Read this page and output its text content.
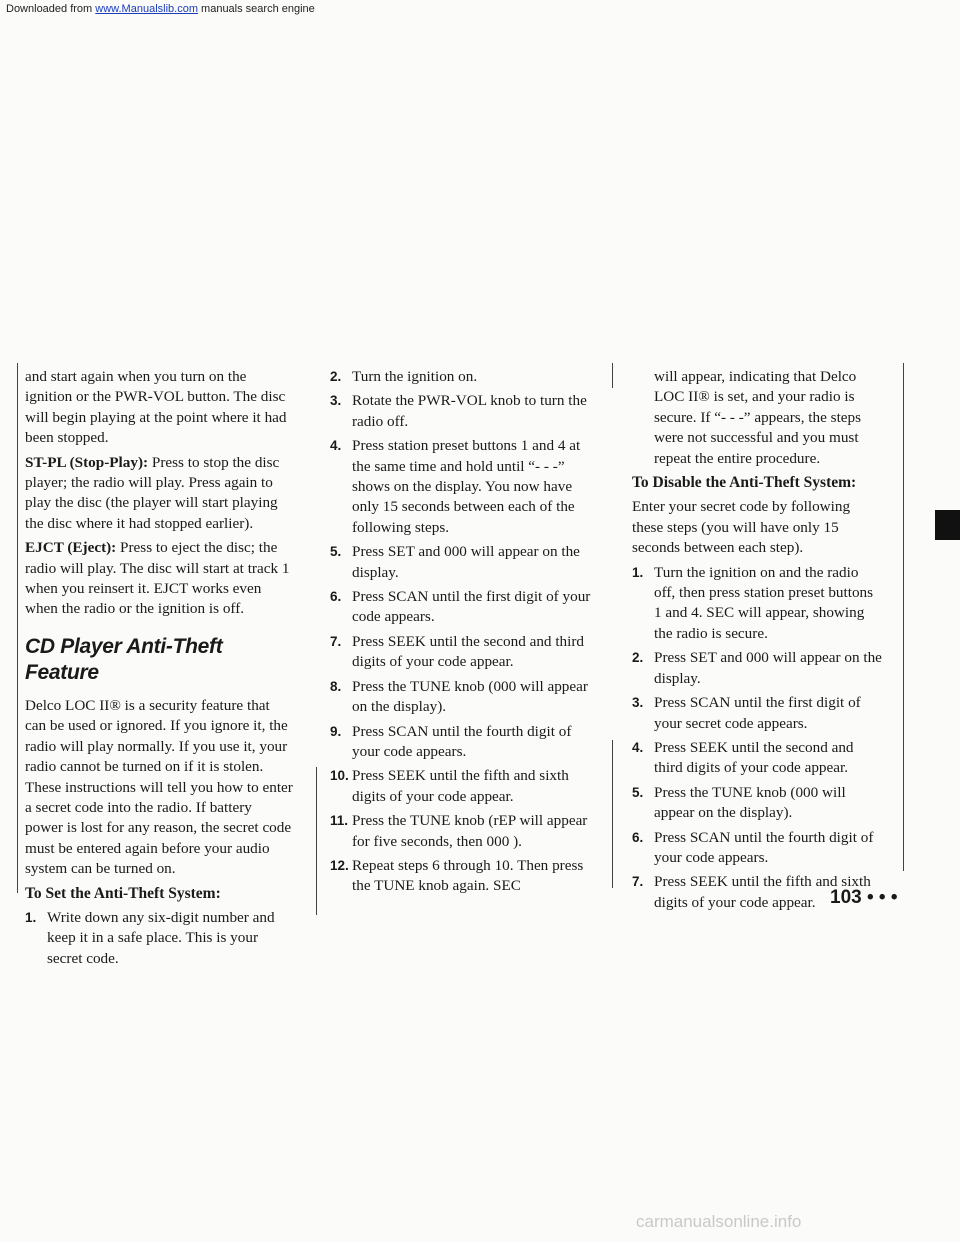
Downloaded from www.Manualslib.com manuals search engine

and start again when you turn on the ignition or the PWR-VOL button. The disc will begin playing at the point where it had been stopped.

ST-PL (Stop-Play): Press to stop the disc player; the radio will play. Press again to play the disc (the player will start playing the disc where it had stopped earlier).

EJCT (Eject): Press to eject the disc; the radio will play. The disc will start at track 1 when you reinsert it. EJCT works even when the radio or the ignition is off.

CD Player Anti-Theft Feature

Delco LOC II® is a security feature that can be used or ignored. If you ignore it, the radio will play normally. If you use it, your radio cannot be turned on if it is stolen. These instructions will tell you how to enter a secret code into the radio. If battery power is lost for any reason, the secret code must be entered again before your audio system can be turned on.

To Set the Anti-Theft System:

1. Write down any six-digit number and keep it in a safe place. This is your secret code.

2. Turn the ignition on.

3. Rotate the PWR-VOL knob to turn the radio off.

4. Press station preset buttons 1 and 4 at the same time and hold until “- - -” shows on the display. You now have only 15 seconds between each of the following steps.

5. Press SET and 000 will appear on the display.

6. Press SCAN until the first digit of your code appears.

7. Press SEEK until the second and third digits of your code appear.

8. Press the TUNE knob (000 will appear on the display).

9. Press SCAN until the fourth digit of your code appears.

10. Press SEEK until the fifth and sixth digits of your code appear.

11. Press the TUNE knob (rEP will appear for five seconds, then 000 ).

12. Repeat steps 6 through 10. Then press the TUNE knob again. SEC

will appear, indicating that Delco LOC II® is set, and your radio is secure. If “- - -” appears, the steps were not successful and you must repeat the entire procedure.

To Disable the Anti-Theft System:

Enter your secret code by following these steps (you will have only 15 seconds between each step).

1. Turn the ignition on and the radio off, then press station preset buttons 1 and 4. SEC will appear, showing the radio is secure.

2. Press SET and 000 will appear on the display.

3. Press SCAN until the first digit of your secret code appears.

4. Press SEEK until the second and third digits of your code appear.

5. Press the TUNE knob (000 will appear on the display).

6. Press SCAN until the fourth digit of your code appears.

7. Press SEEK until the fifth and sixth digits of your code appear. 103 • • •
carmanualsonline.info
